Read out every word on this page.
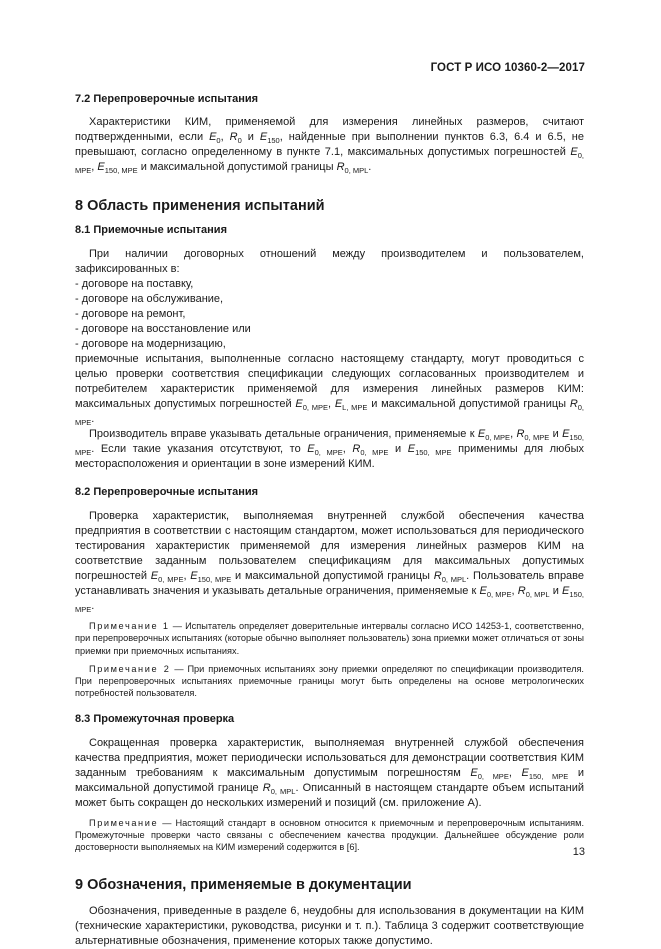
ГОСТ Р ИСО 10360-2—2017
7.2 Перепроверочные испытания

Характеристики КИМ, применяемой для измерения линейных размеров, считают подтвержденными, если $E_0$, $R_0$ и $E_{150}$, найденные при выполнении пунктов 6.3, 6.4 и 6.5, не превышают, согласно определенному в пункте 7.1, максимальных допустимых погрешностей $E_{0, MPE}$, $E_{150, MPE}$ и максимальной допустимой границы $R_{0, MPL}$.

8 Область применения испытаний
8.1 Приемочные испытания

При наличии договорных отношений между производителем и пользователем, зафиксированных в:

- договоре на поставку,

- договоре на обслуживание,

- договоре на ремонт,

- договоре на восстановление или

- договоре на модернизацию,

приемочные испытания, выполненные согласно настоящему стандарту, могут проводиться с целью проверки соответствия спецификации следующих согласованных производителем и потребителем характеристик применяемой для измерения линейных размеров КИМ: максимальных допустимых погрешностей $E_{0, MPE}$, $E_{L, MPE}$ и максимальной допустимой границы $R_{0, MPE}$.

Производитель вправе указывать детальные ограничения, применяемые к $E_{0, MPE}$, $R_{0, MPE}$ и $E_{150, MPE}$. Если такие указания отсутствуют, то $E_{0, MPE}$, $R_{0, MPE}$ и $E_{150, MPE}$ применимы для любых месторасположения и ориентации в зоне измерений КИМ.

8.2 Перепроверочные испытания

Проверка характеристик, выполняемая внутренней службой обеспечения качества предприятия в соответствии с настоящим стандартом, может использоваться для периодического тестирования характеристик применяемой для измерения линейных размеров КИМ на соответствие заданным пользователем спецификациям для максимальных допустимых погрешностей $E_{0, MPE}$, $E_{150, MPE}$ и максимальной допустимой границы $R_{0, MPL}$. Пользователь вправе устанавливать значения и указывать детальные ограничения, применяемые к $E_{0, MPE}$, $R_{0, MPL}$ и $E_{150, MPE}$.

Примечание 1 — Испытатель определяет доверительные интервалы согласно ИСО 14253-1, соответственно, при перепроверочных испытаниях (которые обычно выполняет пользователь) зона приемки может отличаться от зоны приемки при приемочных испытаниях.

Примечание 2 — При приемочных испытаниях зону приемки определяют по спецификации производителя. При перепроверочных испытаниях приемочные границы могут быть определены на основе метрологических потребностей пользователя.

8.3 Промежуточная проверка

Сокращенная проверка характеристик, выполняемая внутренней службой обеспечения качества предприятия, может периодически использоваться для демонстрации соответствия КИМ заданным требованиям к максимальным допустимым погрешностям $E_{0, MPE}$, $E_{150, MPE}$ и максимальной допустимой границе $R_{0, MPL}$. Описанный в настоящем стандарте объем испытаний может быть сокращен до нескольких измерений и позиций (см. приложение А).

Примечание — Настоящий стандарт в основном относится к приемочным и перепроверочным испытаниям. Промежуточные проверки часто связаны с обеспечением качества продукции. Дальнейшее обсуждение роли достоверности выполняемых на КИМ измерений содержится в [6].

9 Обозначения, применяемые в документации

Обозначения, приведенные в разделе 6, неудобны для использования в документации на КИМ (технические характеристики, руководства, рисунки и т. п.). Таблица 3 содержит соответствующие альтернативные обозначения, применение которых также допустимо.

13
